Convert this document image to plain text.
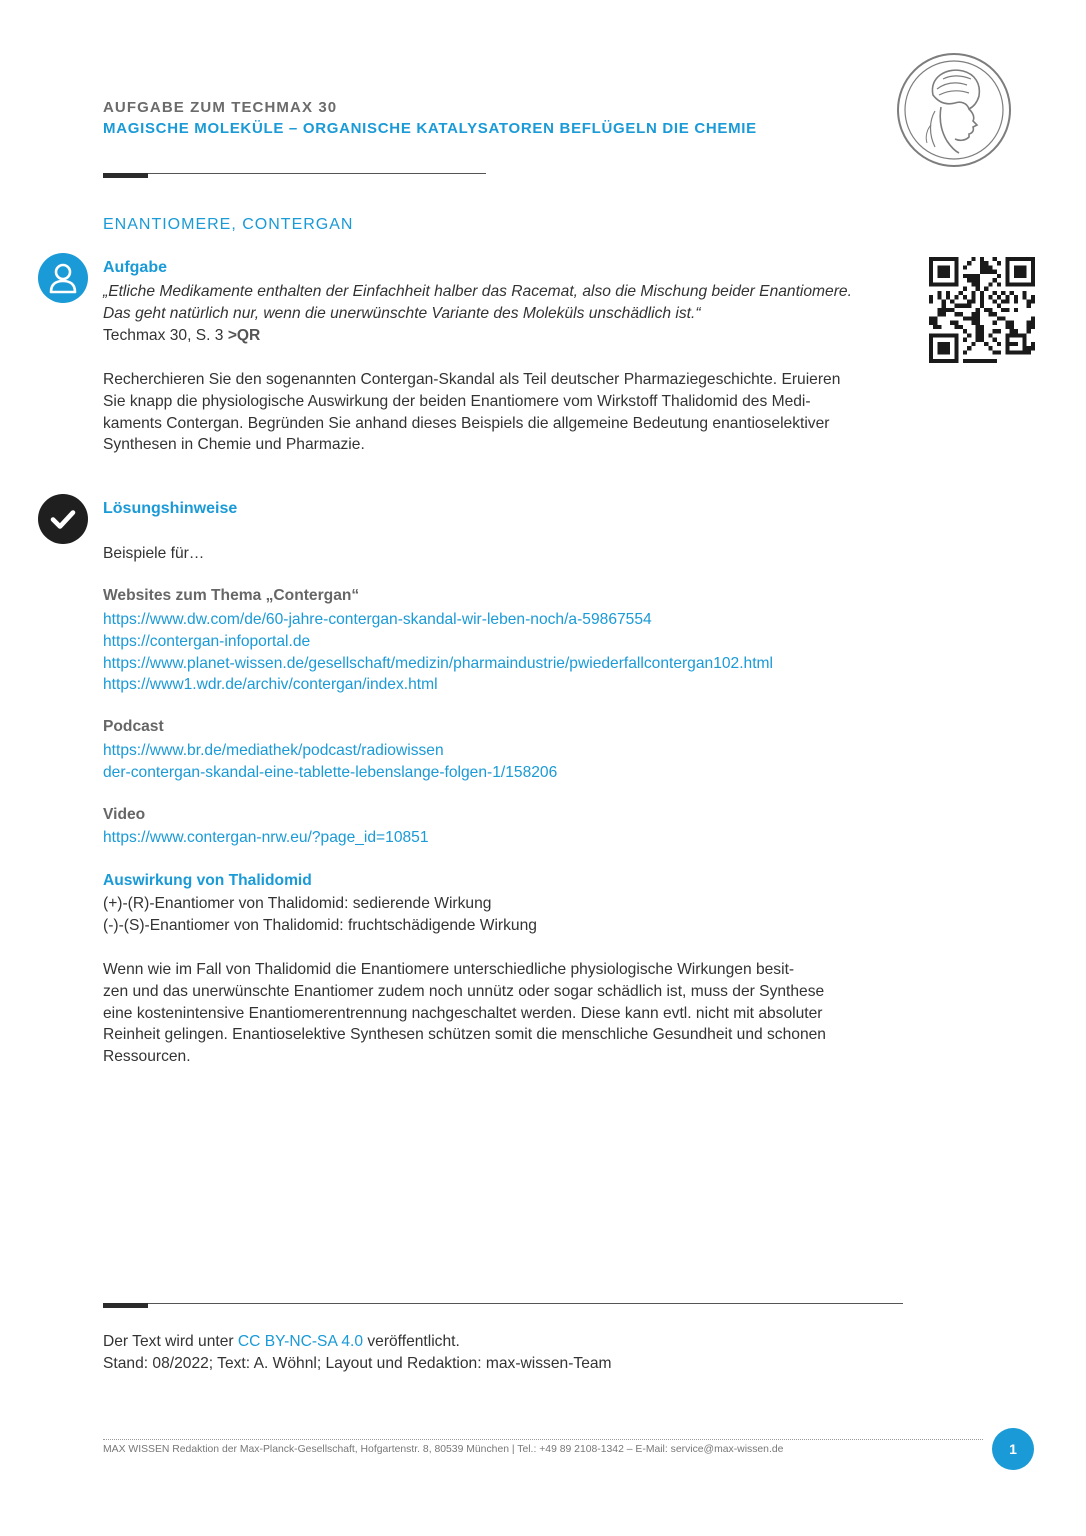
AUFGABE ZUM TECHMAX 30
MAGISCHE MOLEKÜLE – ORGANISCHE KATALYSATOREN BEFLÜGELN DIE CHEMIE
ENANTIOMERE, CONTERGAN
Aufgabe
„Etliche Medikamente enthalten der Einfachheit halber das Racemat, also die Mischung beider Enantiomere.
Das geht natürlich nur, wenn die unerwünschte Variante des Moleküls unschädlich ist.“
Techmax 30, S. 3 >QR
Recherchieren Sie den sogenannten Contergan-Skandal als Teil deutscher Pharmaziegeschichte. Eruieren
Sie knapp die physiologische Auswirkung der beiden Enantiomere vom Wirkstoff Thalidomid des Medi-
kaments Contergan. Begründen Sie anhand dieses Beispiels die allgemeine Bedeutung enantioselektiver
Synthesen in Chemie und Pharmazie.
Lösungshinweise
Beispiele für…
Websites zum Thema „Contergan“
https://www.dw.com/de/60-jahre-contergan-skandal-wir-leben-noch/a-59867554
https://contergan-infoportal.de
https://www.planet-wissen.de/gesellschaft/medizin/pharmaindustrie/pwiederfallcontergan102.html
https://www1.wdr.de/archiv/contergan/index.html
Podcast
https://www.br.de/mediathek/podcast/radiowissen
der-contergan-skandal-eine-tablette-lebenslange-folgen-1/158206
Video
https://www.contergan-nrw.eu/?page_id=10851
Auswirkung von Thalidomid
(+)-(R)-Enantiomer von Thalidomid: sedierende Wirkung
(-)-(S)-Enantiomer von Thalidomid: fruchtschädigende Wirkung
Wenn wie im Fall von Thalidomid die Enantiomere unterschiedliche physiologische Wirkungen besit-
zen und das unerwünschte Enantiomer zudem noch unnütz oder sogar schädlich ist, muss der Synthese
eine kostenintensive Enantiomerentrennung nachgeschaltet werden. Diese kann evtl. nicht mit absoluter
Reinheit gelingen. Enantioselektive Synthesen schützen somit die menschliche Gesundheit und schonen
Ressourcen.
Der Text wird unter CC BY-NC-SA 4.0 veröffentlicht.
Stand: 08/2022; Text: A. Wöhnl; Layout und Redaktion: max-wissen-Team
MAX WISSEN Redaktion der Max-Planck-Gesellschaft, Hofgartenstr. 8, 80539 München | Tel.: +49 89 2108-1342 – E-Mail: service@max-wissen.de	1
